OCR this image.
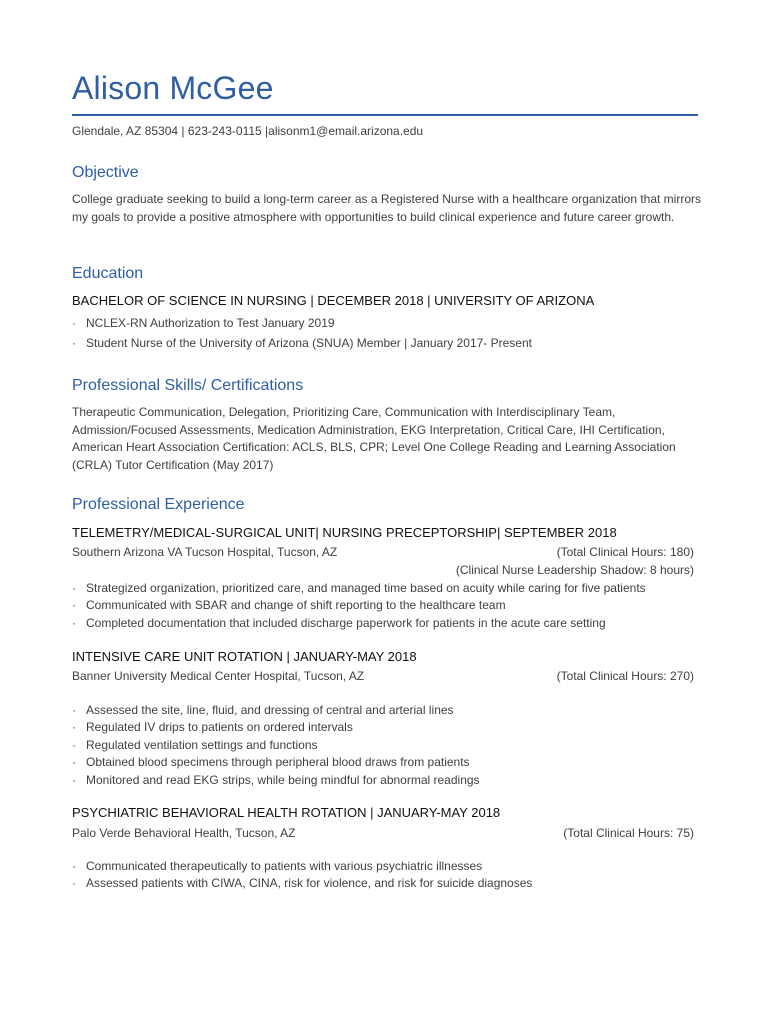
Alison McGee
Glendale, AZ 85304 | 623-243-0115 |alisonm1@email.arizona.edu
Objective
College graduate seeking to build a long-term career as a Registered Nurse with a healthcare organization that mirrors my goals to provide a positive atmosphere with opportunities to build clinical experience and future career growth.
Education
BACHELOR OF SCIENCE IN NURSING | DECEMBER 2018 | UNIVERSITY OF ARIZONA
· NCLEX-RN Authorization to Test January 2019
· Student Nurse of the University of Arizona (SNUA) Member | January 2017- Present
Professional Skills/ Certifications
Therapeutic Communication, Delegation, Prioritizing Care, Communication with Interdisciplinary Team, Admission/Focused Assessments, Medication Administration, EKG Interpretation, Critical Care, IHI Certification, American Heart Association Certification: ACLS, BLS, CPR; Level One College Reading and Learning Association (CRLA) Tutor Certification (May 2017)
Professional Experience
TELEMETRY/MEDICAL-SURGICAL UNIT| NURSING PRECEPTORSHIP| SEPTEMBER 2018
Southern Arizona VA Tucson Hospital, Tucson, AZ	(Total Clinical Hours: 180)
(Clinical Nurse Leadership Shadow: 8 hours)
· Strategized organization, prioritized care, and managed time based on acuity while caring for five patients
· Communicated with SBAR and change of shift reporting to the healthcare team
· Completed documentation that included discharge paperwork for patients in the acute care setting
INTENSIVE CARE UNIT ROTATION | JANUARY-MAY 2018
Banner University Medical Center Hospital, Tucson, AZ	(Total Clinical Hours: 270)
· Assessed the site, line, fluid, and dressing of central and arterial lines
· Regulated IV drips to patients on ordered intervals
· Regulated ventilation settings and functions
· Obtained blood specimens through peripheral blood draws from patients
· Monitored and read EKG strips, while being mindful for abnormal readings
PSYCHIATRIC BEHAVIORAL HEALTH ROTATION | JANUARY-MAY 2018
Palo Verde Behavioral Health, Tucson, AZ	(Total Clinical Hours: 75)
· Communicated therapeutically to patients with various psychiatric illnesses
· Assessed patients with CIWA, CINA, risk for violence, and risk for suicide diagnoses
